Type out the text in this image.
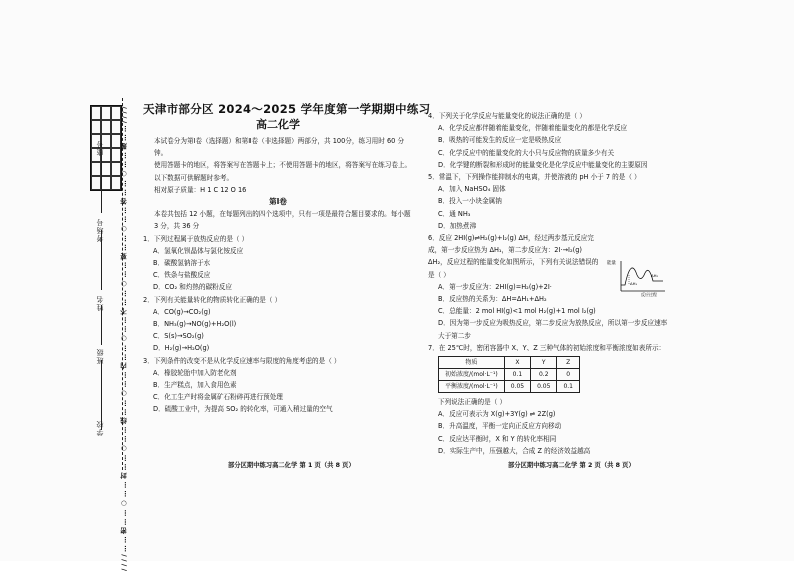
学校
班级
姓名
考场号
座号 ////……密……○……封……○……线……○……内……○……不……○……要……○……答……○……题……//// 天津市部分区 2024～2025 学年度第一学期期中练习
高二化学

本试卷分为第Ⅰ卷（选择题）和第Ⅱ卷（非选择题）两部分，共 100分，练习用时 60 分钟。

使用答题卡的地区，将答案写在答题卡上；不使用答题卡的地区，将答案写在练习卷上。

以下数据可供解题时参考。

相对原子质量：H 1 C 12 O 16

第Ⅰ卷

本卷共包括 12 小题，在每题列出的四个选项中，只有一项是最符合题目要求的。每小题 3 分，共 36 分

1．下列过程属于放热反应的是（ ）

A．氢氧化钡晶体与氯化铵反应

B．碳酸氢钠溶于水

C．铁条与盐酸反应

D．CO₂ 和灼热的碳粉反应

2．下列有关能量转化的物质转化正确的是（ ）

A．CO(g)→CO₂(g)

B．NH₃(g)→NO(g)+H₂O(l)

C．S(s)→SO₂(g)

D．H₂(g)→H₂O(g)

3．下列条件的改变不是从化学反应速率与限度的角度考虑的是（ ）

A．橡胶轮胎中加入防老化剂

B．生产糕点，加入食用色素

C．化工生产时将金属矿石粉碎再进行预处理

D．硫酸工业中，为提高 SO₂ 的转化率，可通入稍过量的空气

部分区期中练习高二化学 第 1 页（共 8 页）

4．下列关于化学反应与能量变化的说法正确的是（ ）

A．化学反应都伴随着能量变化，伴随着能量变化的都是化学反应

B．吸热的可能发生的反应一定是吸热反应

C．化学反应中的能量变化的大小只与反应物的质量多少有关

D．化学键的断裂和形成时的能量变化是化学反应中能量变化的主要原因

5．常温下，下列操作能抑制水的电离，并使溶液的 pH 小于 7 的是（ ）

A．加入 NaHSO₄ 固体

B．投入一小块金属钠

C．通 NH₃

D．加热煮沸

6．反应 2HI(g)⇌H₂(g)+I₂(g) ΔH，经过两步基元反应完成，第一步反应热为 ΔH₁，第二步反应为：2I·→I₂(g) ΔH₂，反应过程的能量变化如图所示，下列有关说法错误的是（ ）

A．第一步反应为：2HI(g)=H₂(g)+2I·

B．反应热的关系为：ΔH=ΔH₁+ΔH₂

C．总能量：2 mol HI(g)<1 mol H₂(g)+1 mol I₂(g)

D．因为第一步反应为吸热反应，第二步反应为放热反应，所以第一步反应速率大于第二步

7．在 25℃时，密闭容器中 X、Y、Z 三种气体的初始浓度和平衡浓度如表所示：

物质	X	Y	Z
初始浓度/(mol·L⁻¹)	0.1	0.2	0
平衡浓度/(mol·L⁻¹)	0.05	0.05	0.1

下列说法正确的是（ ）

A．反应可表示为 X(g)+3Y(g) ⇌ 2Z(g)

B．升高温度，平衡一定向正反应方向移动

C．反应达平衡时，X 和 Y 的转化率相同

D．实际生产中，压强越大，合成 Z 的经济效益越高

能量
反应过程
ΔH₁
ΔH₂
部分区期中练习高二化学 第 2 页（共 8 页）
